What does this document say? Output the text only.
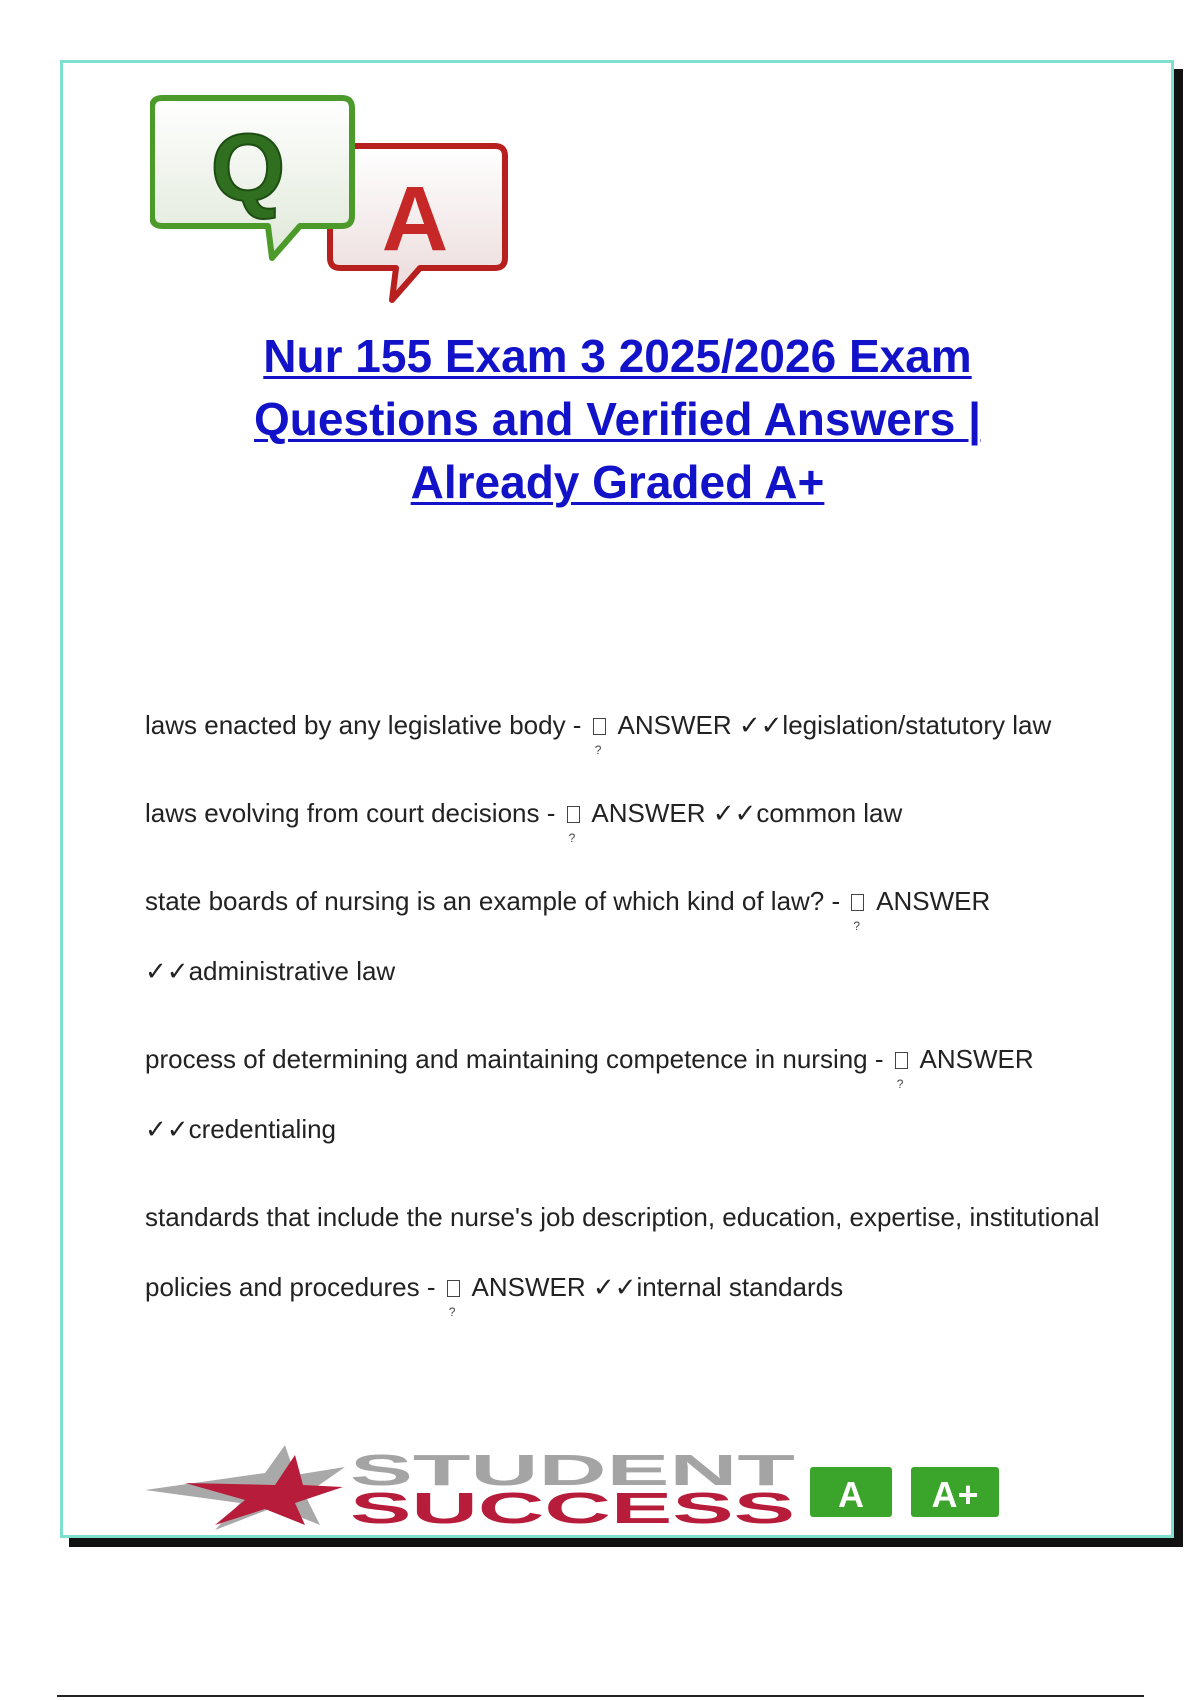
A
Q
Nur 155 Exam 3 2025/2026 Exam
Questions and Verified Answers |
Already Graded A+

laws enacted by any legislative body - ? ANSWER ✓✓legislation/statutory law

laws evolving from court decisions - ? ANSWER ✓✓common law

state boards of nursing is an example of which kind of law? - ? ANSWER ✓✓administrative law

process of determining and maintaining competence in nursing - ? ANSWER ✓✓credentialing

standards that include the nurse's job description, education, expertise, institutional policies and procedures - ? ANSWER ✓✓internal standards

STUDENT
SUCCESS A A+
